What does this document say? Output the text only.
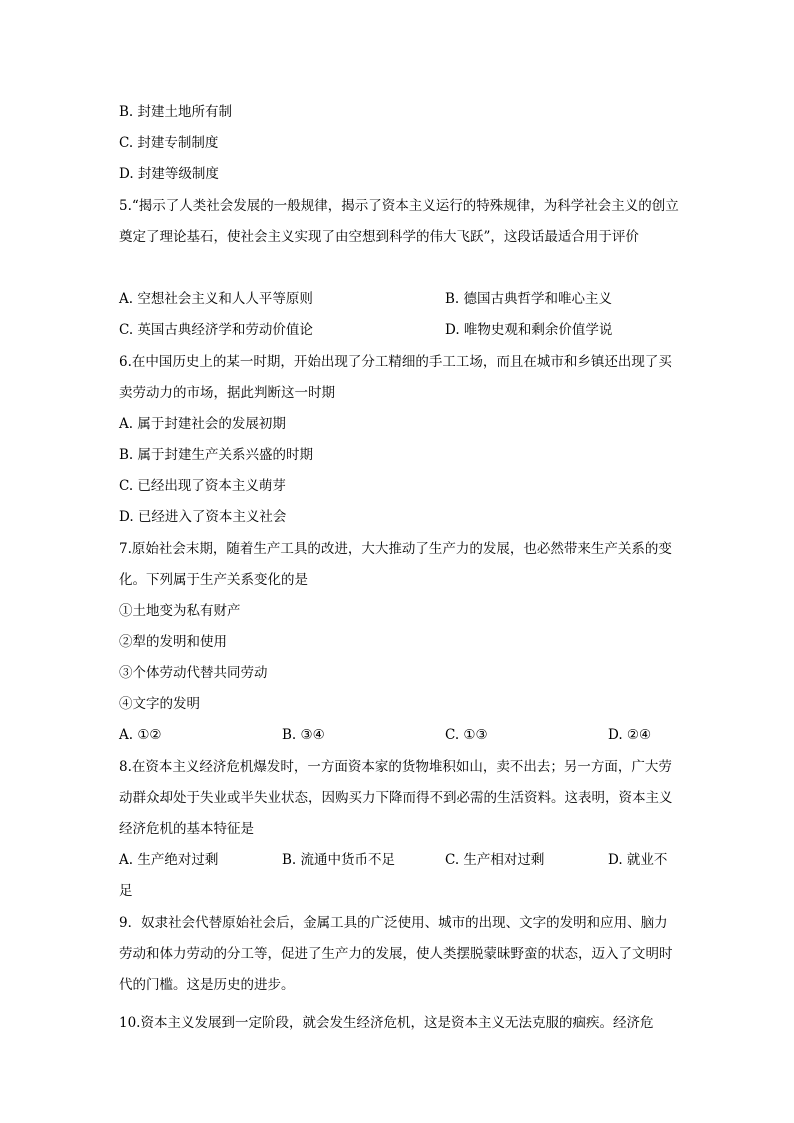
B. 封建土地所有制
C. 封建专制制度
D. 封建等级制度
5.“揭示了人类社会发展的一般规律，揭示了资本主义运行的特殊规律，为科学社会主义的创立奠定了理论基石，使社会主义实现了由空想到科学的伟大飞跃”，这段话最适合用于评价
A. 空想社会主义和人人平等原则	B. 德国古典哲学和唯心主义
C. 英国古典经济学和劳动价值论	D. 唯物史观和剩余价值学说
6.在中国历史上的某一时期，开始出现了分工精细的手工工场，而且在城市和乡镇还出现了买卖劳动力的市场，据此判断这一时期
A. 属于封建社会的发展初期
B. 属于封建生产关系兴盛的时期
C. 已经出现了资本主义萌芽
D. 已经进入了资本主义社会
7.原始社会末期，随着生产工具的改进，大大推动了生产力的发展，也必然带来生产关系的变化。下列属于生产关系变化的是
①土地变为私有财产
②犁的发明和使用
③个体劳动代替共同劳动
④文字的发明
A. ①②	B. ③④	C. ①③	D. ②④
8.在资本主义经济危机爆发时，一方面资本家的货物堆积如山，卖不出去；另一方面，广大劳动群众却处于失业或半失业状态，因购买力下降而得不到必需的生活资料。这表明，资本主义经济危机的基本特征是
A. 生产绝对过剩	B. 流通中货币不足	C. 生产相对过剩	D. 就业不
足
9．奴隶社会代替原始社会后，金属工具的广泛使用、城市的出现、文字的发明和应用、脑力劳动和体力劳动的分工等，促进了生产力的发展，使人类摆脱蒙昧野蛮的状态，迈入了文明时代的门槛。这是历史的进步。
10.资本主义发展到一定阶段，就会发生经济危机，这是资本主义无法克服的痼疾。经济危
